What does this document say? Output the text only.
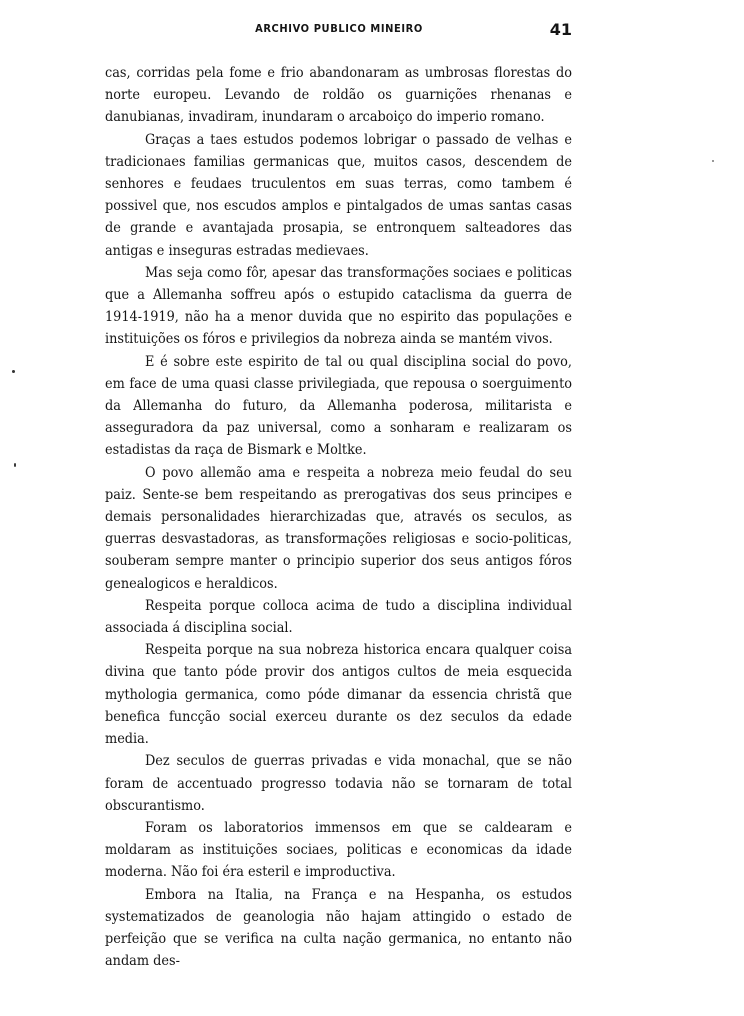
ARCHIVO PUBLICO MINEIRO	41

cas, corridas pela fome e frio abandonaram as umbrosas florestas do norte europeu. Levando de roldão os guarnições rhenanas e danubianas, invadiram, inundaram o arcaboiço do imperio romano.

Graças a taes estudos podemos lobrigar o passado de velhas e tradicionaes familias germanicas que, muitos casos, descendem de senhores e feudaes truculentos em suas terras, como tambem é possivel que, nos escudos amplos e pintalgados de umas santas casas de grande e avantajada prosapia, se entronquem salteadores das antigas e inseguras estradas medievaes.

Mas seja como fôr, apesar das transformações sociaes e politicas que a Allemanha soffreu após o estupido cataclisma da guerra de 1914-1919, não ha a menor duvida que no espirito das populações e instituições os fóros e privilegios da nobreza ainda se mantém vivos.

E é sobre este espirito de tal ou qual disciplina social do povo, em face de uma quasi classe privilegiada, que repousa o soerguimento da Allemanha do futuro, da Allemanha poderosa, militarista e asseguradora da paz universal, como a sonharam e realizaram os estadistas da raça de Bismark e Moltke.

O povo allemão ama e respeita a nobreza meio feudal do seu paiz. Sente-se bem respeitando as prerogativas dos seus principes e demais personalidades hierarchizadas que, através os seculos, as guerras desvastadoras, as transformações religiosas e socio-politicas, souberam sempre manter o principio superior dos seus antigos fóros genealogicos e heraldicos.

Respeita porque colloca acima de tudo a disciplina individual associada á disciplina social.

Respeita porque na sua nobreza historica encara qualquer coisa divina que tanto póde provir dos antigos cultos de meia esquecida mythologia germanica, como póde dimanar da essencia christã que benefica funcção social exerceu durante os dez seculos da edade media.

Dez seculos de guerras privadas e vida monachal, que se não foram de accentuado progresso todavia não se tornaram de total obscurantismo.

Foram os laboratorios immensos em que se caldearam e moldaram as instituições sociaes, politicas e economicas da idade moderna. Não foi éra esteril e improductiva.

Embora na Italia, na França e na Hespanha, os estudos systematizados de geanologia não hajam attingido o estado de perfeição que se verifica na culta nação germanica, no entanto não andam des-
